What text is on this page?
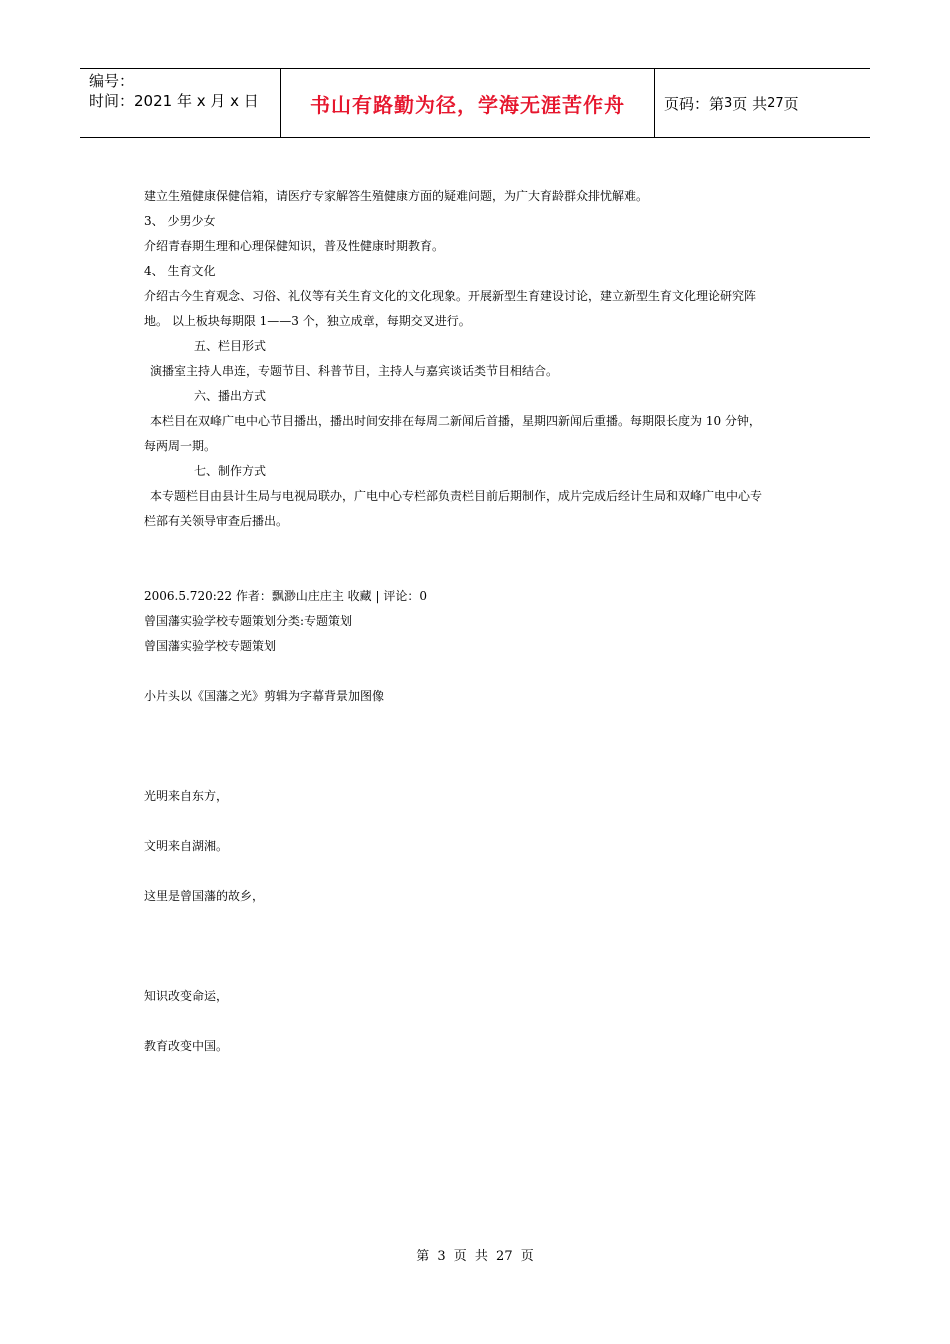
编号：
时间：2021 年 x 月 x 日	书山有路勤为径，学海无涯苦作舟	页码：第 3 页 共 27 页

建立生殖健康保健信箱，请医疗专家解答生殖健康方面的疑难问题，为广大育龄群众排忧解难。

3、 少男少女

介绍青春期生理和心理保健知识，普及性健康时期教育。

4、 生育文化

介绍古今生育观念、习俗、礼仪等有关生育文化的文化现象。开展新型生育建设讨论，建立新型生育文化理论研究阵

地。 以上板块每期限 1——3 个，独立成章，每期交叉进行。

五、栏目形式

演播室主持人串连，专题节目、科普节目，主持人与嘉宾谈话类节目相结合。

六、播出方式

本栏目在双峰广电中心节目播出，播出时间安排在每周二新闻后首播，星期四新闻后重播。每期限长度为 10 分钟，

每两周一期。

七、制作方式

本专题栏目由县计生局与电视局联办，广电中心专栏部负责栏目前后期制作，成片完成后经计生局和双峰广电中心专

栏部有关领导审查后播出。

2006.5.720:22 作者：飘渺山庄庄主 收藏 | 评论：0

曾国藩实验学校专题策划分类:专题策划

曾国藩实验学校专题策划

小片头以《国藩之光》剪辑为字幕背景加图像

光明来自东方，

文明来自湖湘。

这里是曾国藩的故乡，

知识改变命运，

教育改变中国。

第 3 页 共 27 页
